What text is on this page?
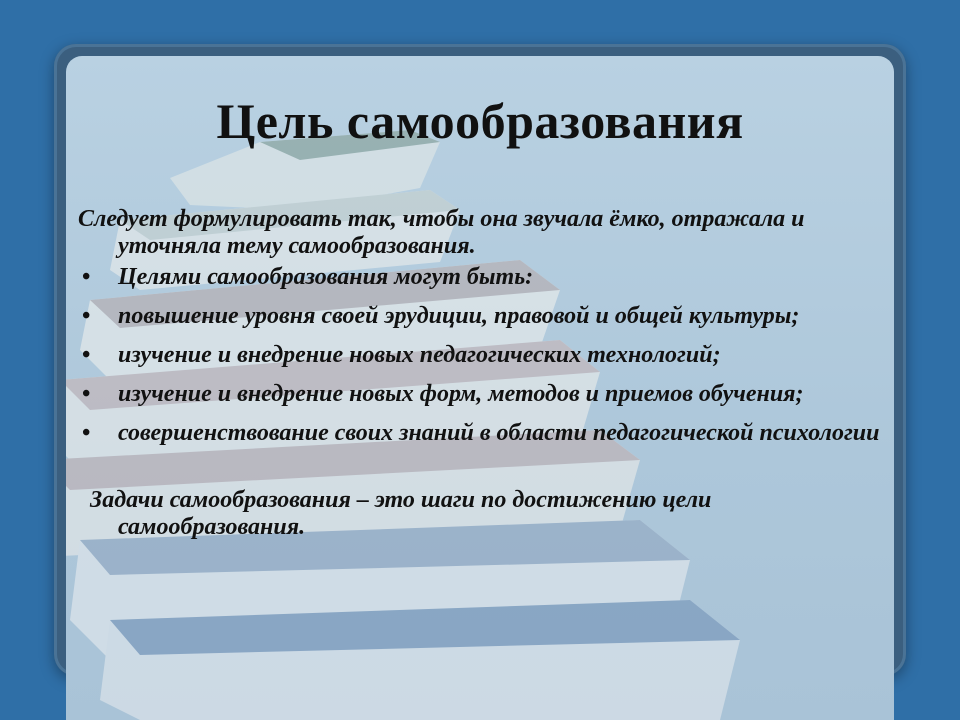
Цель самообразования

Следует формулировать так, чтобы она звучала ёмко, отражала и уточняла тему самообразования.

• Целями самообразования могут быть:
• повышение уровня своей эрудиции, правовой и общей культуры;
• изучение и внедрение новых педагогических технологий;
• изучение и внедрение новых форм, методов и приемов обучения;
• совершенствование своих знаний в области педагогической психологии

Задачи самообразования – это шаги по достижению цели самообразования.
